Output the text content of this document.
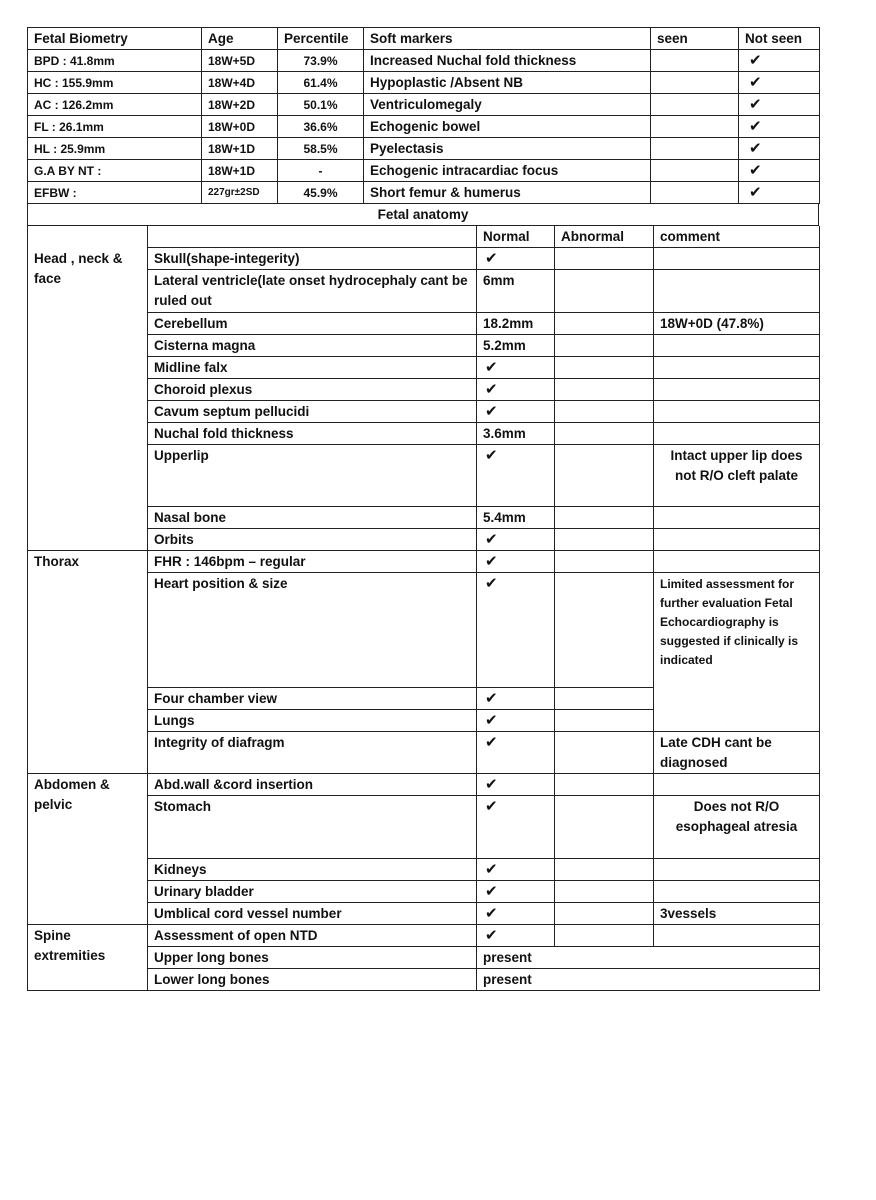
Fetal Biometry	Age	Percentile	Soft markers	seen	Not seen
BPD : 41.8mm	18W+5D	73.9%	Increased Nuchal fold thickness		✔
HC : 155.9mm	18W+4D	61.4%	Hypoplastic /Absent NB		✔
AC : 126.2mm	18W+2D	50.1%	Ventriculomegaly		✔
FL : 26.1mm	18W+0D	36.6%	Echogenic bowel		✔
HL : 25.9mm	18W+1D	58.5%	Pyelectasis		✔
G.A BY NT :	18W+1D	-	Echogenic intracardiac focus		✔
EFBW :	227gr±2SD	45.9%	Short femur & humerus		✔
Fetal anatomy
		Normal	Abnormal	comment
Head , neck & face	Skull(shape-integerity)	✔		
	Lateral ventricle(late onset hydrocephaly cant be ruled out	6mm		
	Cerebellum	18.2mm		18W+0D (47.8%)
	Cisterna magna	5.2mm		
	Midline falx	✔		
	Choroid plexus	✔		
	Cavum septum pellucidi	✔		
	Nuchal fold thickness	3.6mm		
	Upperlip	✔		Intact upper lip does not R/O cleft palate
	Nasal bone	5.4mm		
	Orbits	✔		
Thorax	FHR : 146bpm – regular	✔		
	Heart position & size	✔		Limited assessment for further evaluation Fetal Echocardiography is suggested if clinically is indicated
	Four chamber view	✔		
	Lungs	✔		
	Integrity of diafragm	✔		Late CDH cant be diagnosed
Abdomen & pelvic	Abd.wall &cord insertion	✔		
	Stomach	✔		Does not R/O esophageal atresia
	Kidneys	✔		
	Urinary bladder	✔		
	Umblical cord vessel number	✔		3vessels
Spine extremities	Assessment of open NTD	✔		
	Upper long bones	present		
	Lower long bones	present		
